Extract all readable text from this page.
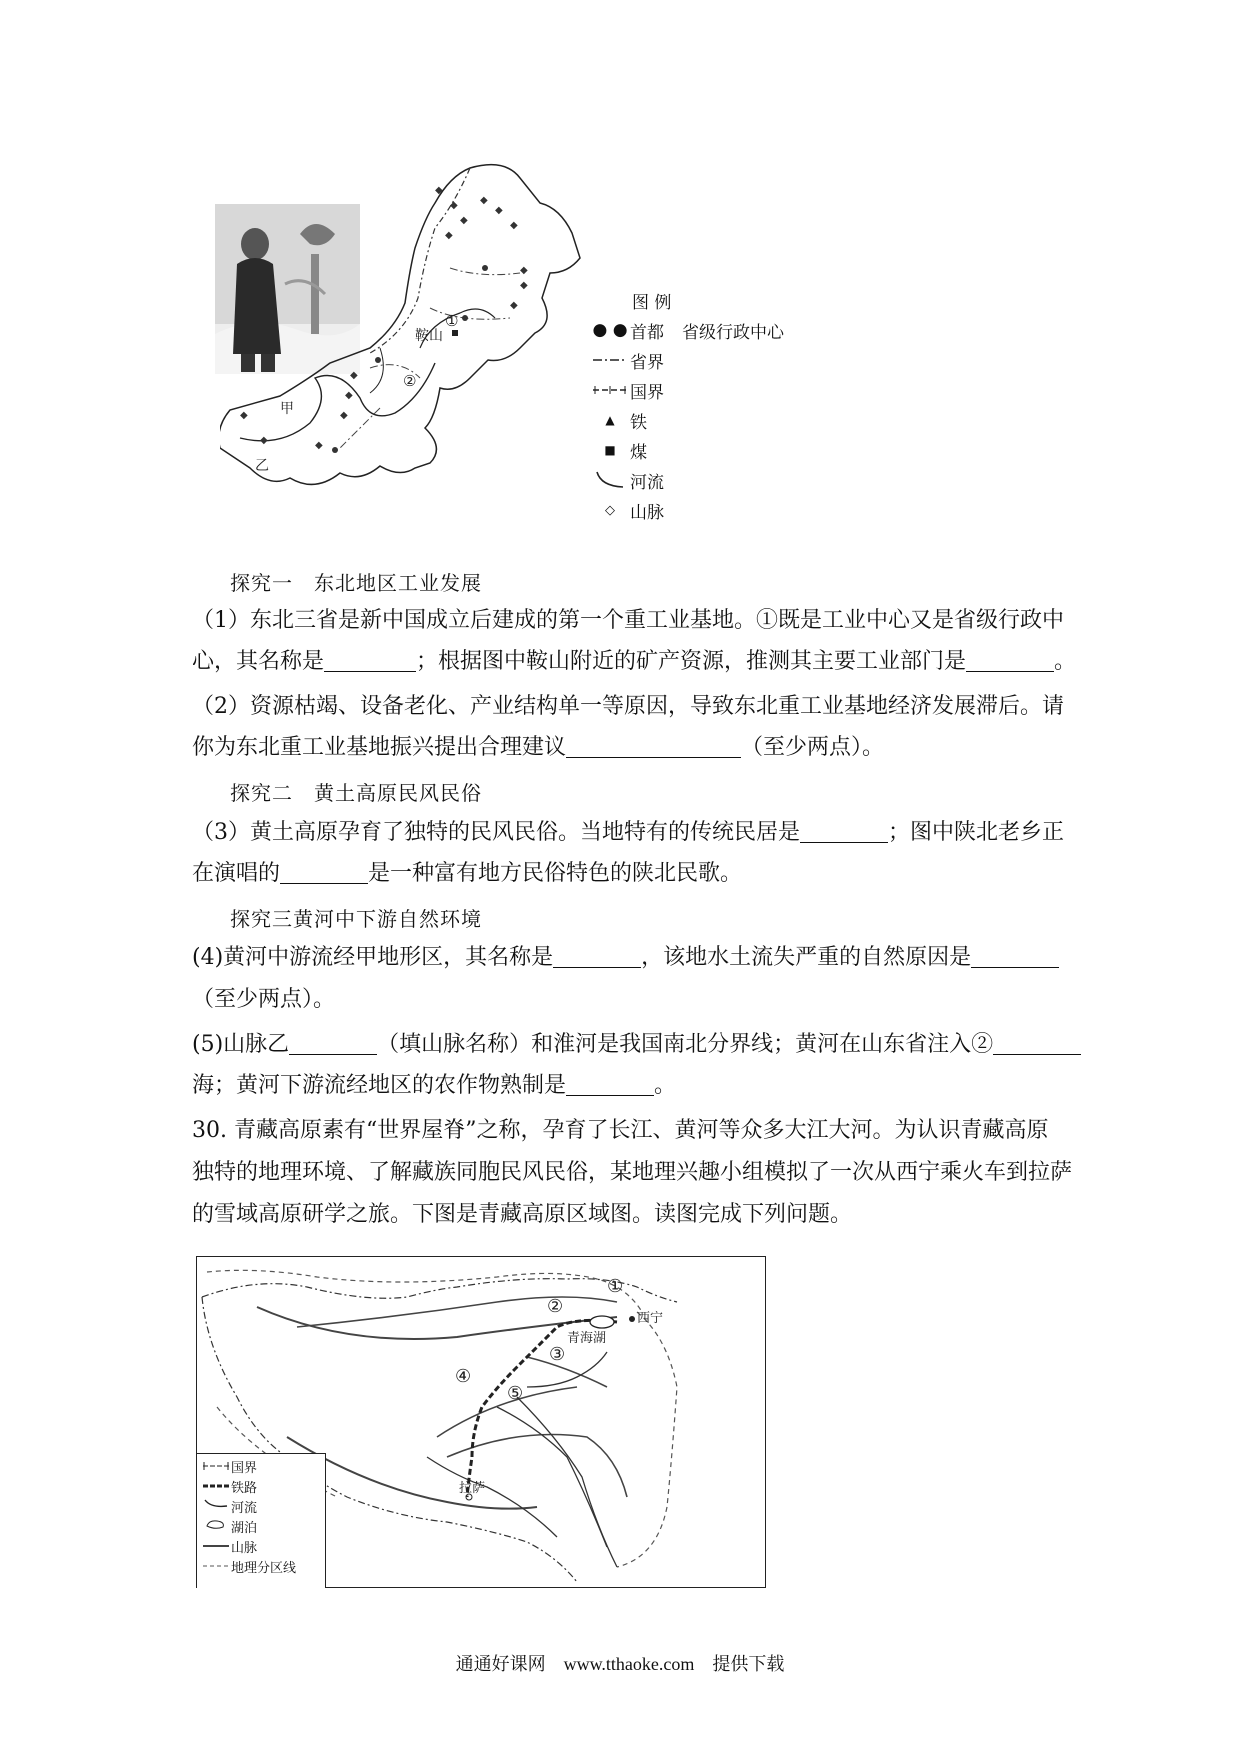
◆
◆
◆
◆
◆
◆
◆
◆
◆
◆
◆
◆
◆
◆
◆
◆
鞍山
①
②
甲
乙
图 例
● ● 首都 省级行政中心
省界
国界
▲ 铁
■ 煤
河流
◇ 山脉
探究一　东北地区工业发展
（1）东北三省是新中国成立后建成的第一个重工业基地。①既是工业中心又是省级行政中
心，其名称是	；根据图中鞍山附近的矿产资源，推测其主要工业部门是	。
（2）资源枯竭、设备老化、产业结构单一等原因，导致东北重工业基地经济发展滞后。请
你为东北重工业基地振兴提出合理建议	（至少两点）。
探究二　黄土高原民风民俗
（3）黄土高原孕育了独特的民风民俗。当地特有的传统民居是	；图中陕北老乡正
在演唱的	是一种富有地方民俗特色的陕北民歌。
探究三黄河中下游自然环境
(4)黄河中游流经甲地形区，其名称是	，该地水土流失严重的自然原因是
（至少两点）。
(5)山脉乙	（填山脉名称）和淮河是我国南北分界线；黄河在山东省注入②
海；黄河下游流经地区的农作物熟制是	。
30. 青藏高原素有“世界屋脊”之称，孕育了长江、黄河等众多大江大河。为认识青藏高原
独特的地理环境、了解藏族同胞民风民俗，某地理兴趣小组模拟了一次从西宁乘火车到拉萨
的雪域高原研学之旅。下图是青藏高原区域图。读图完成下列问题。
①
②
③
④
⑤
西宁
青海湖
拉萨
国界
铁路
河流
湖泊
山脉
地理分区线
通通好课网　www.tthaoke.com　提供下载
